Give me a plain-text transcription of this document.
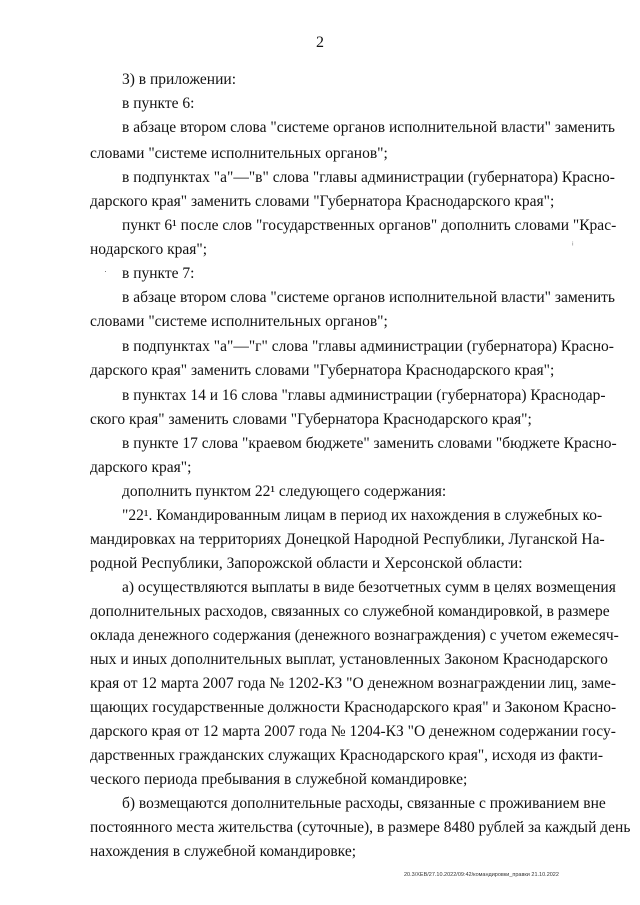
2
3) в приложении:
в пункте 6:
в абзаце втором слова "системе органов исполнительной власти" заменить
словами "системе исполнительных органов";
в подпунктах "а"—"в" слова "главы администрации (губернатора) Красно-
дарского края" заменить словами "Губернатора Краснодарского края";
пункт 6¹ после слов "государственных органов" дополнить словами "Крас-
нодарского края";
в пункте 7:
в абзаце втором слова "системе органов исполнительной власти" заменить
словами "системе исполнительных органов";
в подпунктах "а"—"г" слова "главы администрации (губернатора) Красно-
дарского края" заменить словами "Губернатора Краснодарского края";
в пунктах 14 и 16 слова "главы администрации (губернатора) Краснодар-
ского края" заменить словами "Губернатора Краснодарского края";
в пункте 17 слова "краевом бюджете" заменить словами "бюджете Красно-
дарского края";
дополнить пунктом 22¹ следующего содержания:
"22¹. Командированным лицам в период их нахождения в служебных ко-
мандировках на территориях Донецкой Народной Республики, Луганской На-
родной Республики, Запорожской области и Херсонской области:
а) осуществляются выплаты в виде безотчетных сумм в целях возмещения
дополнительных расходов, связанных со служебной командировкой, в размере
оклада денежного содержания (денежного вознаграждения) с учетом ежемесяч-
ных и иных дополнительных выплат, установленных Законом Краснодарского
края от 12 марта 2007 года № 1202-КЗ "О денежном вознаграждении лиц, заме-
щающих государственные должности Краснодарского края" и Законом Красно-
дарского края от 12 марта 2007 года № 1204-КЗ "О денежном содержании госу-
дарственных гражданских служащих Краснодарского края", исходя из факти-
ческого периода пребывания в служебной командировке;
б) возмещаются дополнительные расходы, связанные с проживанием вне
постоянного места жительства (суточные), в размере 8480 рублей за каждый день
нахождения в служебной командировке;
20.3/ХЕВ/27.10.2022/09:42/командировки_правки 21.10.2022
ⁱ
·
